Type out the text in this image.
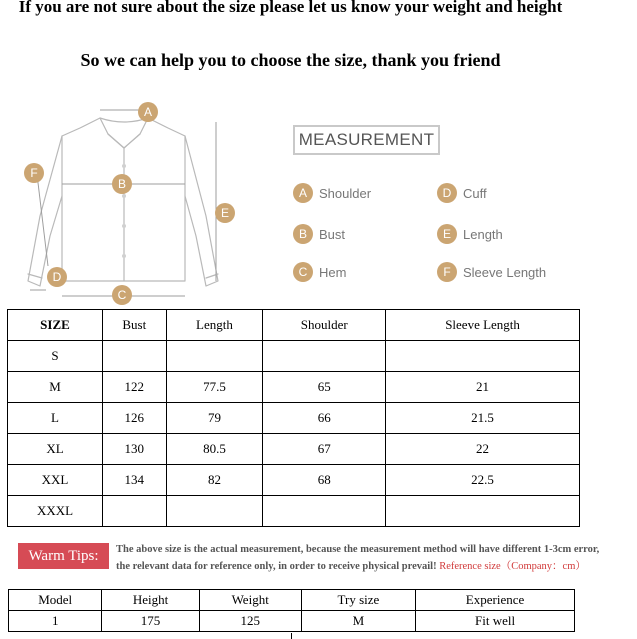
If you are not sure about the size please let us know your weight and height
So we can help you to choose the size, thank you friend
A
B
C
D
E
F
MEASUREMENT
A Shoulder	D Cuff
B Bust	E Length
C Hem	F Sleeve Length
SIZE	Bust	Length	Shoulder	Sleeve Length
S				
M	122	77.5	65	21
L	126	79	66	21.5
XL	130	80.5	67	22
XXL	134	82	68	22.5
XXXL				
Warm Tips:	The above size is the actual measurement, because the measurement method will have different 1-3cm error,
the relevant data for reference only, in order to receive physical prevail! Reference size（Company：cm）
Model	Height	Weight	Try size	Experience
1	175	125	M	Fit well
